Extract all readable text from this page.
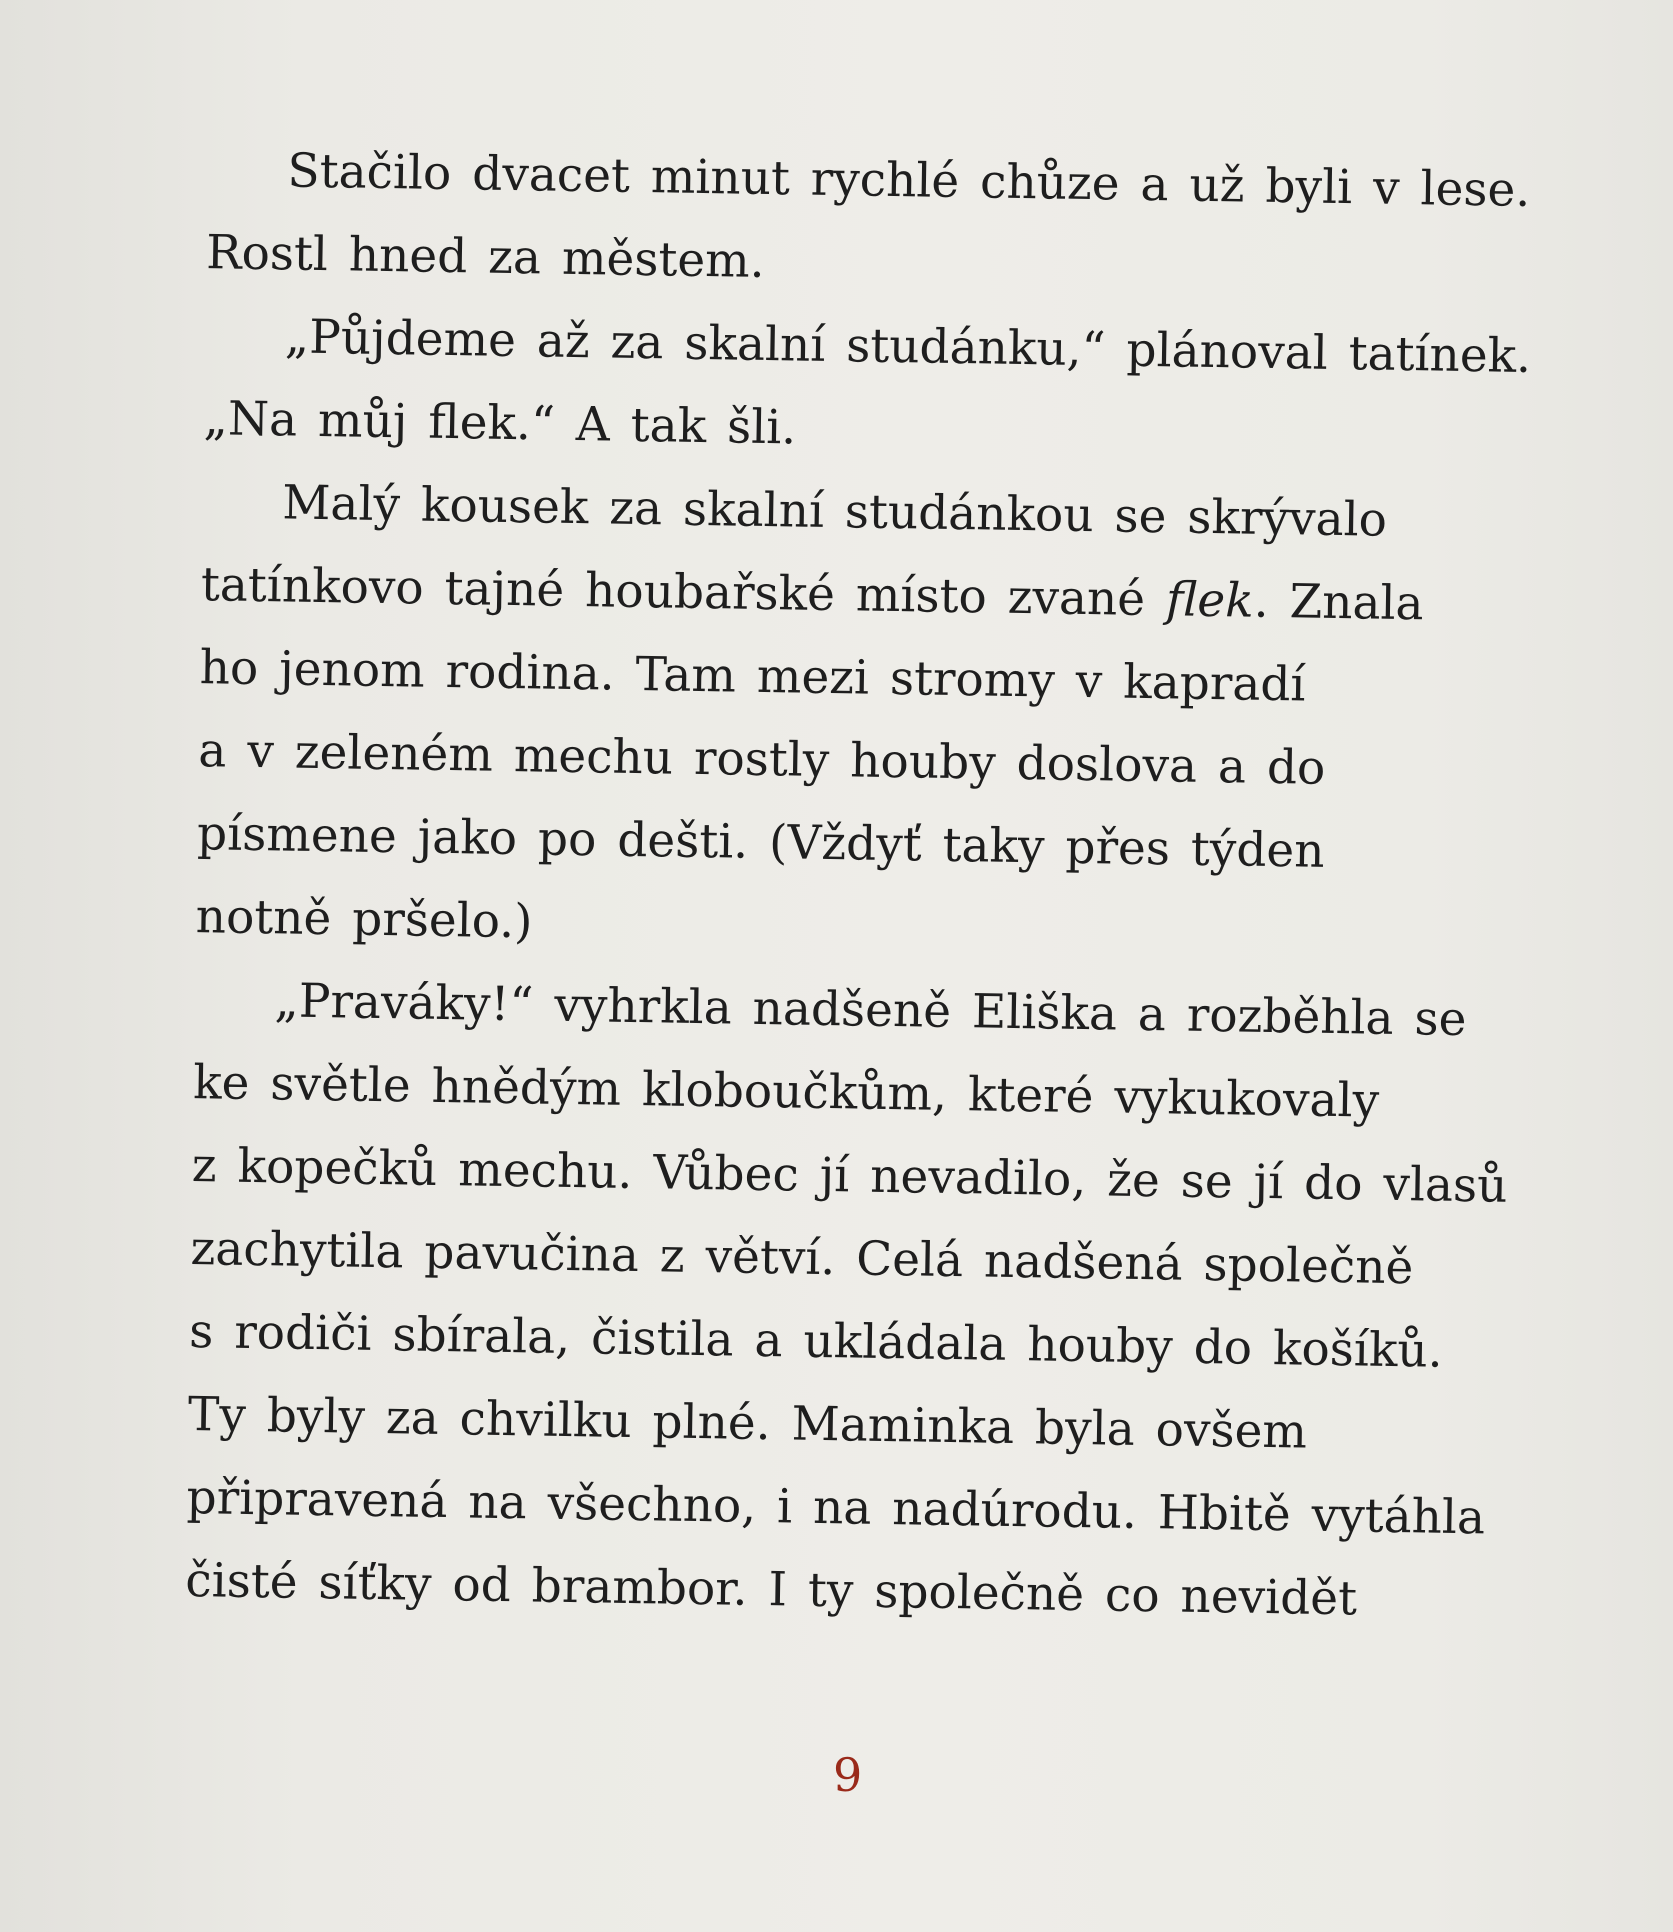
Stačilo dvacet minut rychlé chůze a už byli v lese.
Rostl hned za městem.
„Půjdeme až za skalní studánku,“ plánoval tatínek.
„Na můj flek.“ A tak šli.
Malý kousek za skalní studánkou se skrývalo
tatínkovo tajné houbařské místo zvané flek. Znala
ho jenom rodina. Tam mezi stromy v kapradí
a v zeleném mechu rostly houby doslova a do
písmene jako po dešti. (Vždyť taky přes týden
notně pršelo.)
„Praváky!“ vyhrkla nadšeně Eliška a rozběhla se
ke světle hnědým kloboučkům, které vykukovaly
z kopečků mechu. Vůbec jí nevadilo, že se jí do vlasů
zachytila pavučina z větví. Celá nadšená společně
s rodiči sbírala, čistila a ukládala houby do košíků.
Ty byly za chvilku plné. Maminka byla ovšem
připravená na všechno, i na nadúrodu. Hbitě vytáhla
čisté síťky od brambor. I ty společně co nevidět
9
